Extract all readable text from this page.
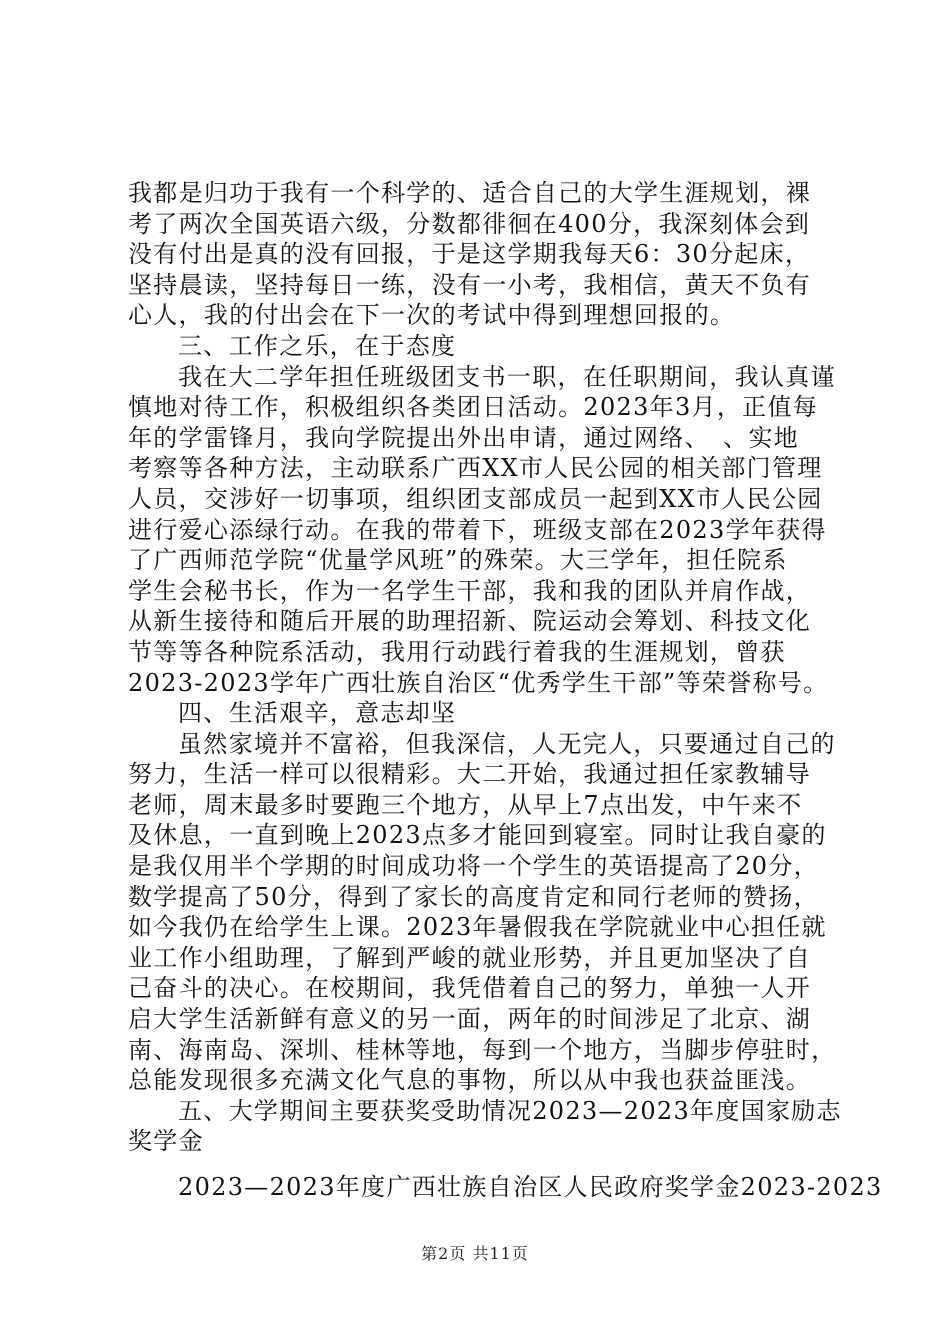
我都是归功于我有一个科学的、适合自己的大学生涯规划，裸
考了两次全国英语六级，分数都徘徊在400分，我深刻体会到
没有付出是真的没有回报，于是这学期我每天6：30分起床，
坚持晨读，坚持每日一练，没有一小考，我相信，黄天不负有
心人，我的付出会在下一次的考试中得到理想回报的。
三、工作之乐，在于态度
我在大二学年担任班级团支书一职，在任职期间，我认真谨
慎地对待工作，积极组织各类团日活动。2023年3月，正值每
年的学雷锋月，我向学院提出外出申请，通过网络、　、实地
考察等各种方法，主动联系广西XX市人民公园的相关部门管理
人员，交涉好一切事项，组织团支部成员一起到XX市人民公园
进行爱心添绿行动。在我的带着下，班级支部在2023学年获得
了广西师范学院“优量学风班”的殊荣。大三学年，担任院系
学生会秘书长，作为一名学生干部，我和我的团队并肩作战，
从新生接待和随后开展的助理招新、院运动会筹划、科技文化
节等等各种院系活动，我用行动践行着我的生涯规划，曾获
2023-2023学年广西壮族自治区“优秀学生干部”等荣誉称号。
四、生活艰辛，意志却坚
虽然家境并不富裕，但我深信，人无完人，只要通过自己的
努力，生活一样可以很精彩。大二开始，我通过担任家教辅导
老师，周末最多时要跑三个地方，从早上7点出发，中午来不
及休息，一直到晚上2023点多才能回到寝室。同时让我自豪的
是我仅用半个学期的时间成功将一个学生的英语提高了20分，
数学提高了50分，得到了家长的高度肯定和同行老师的赞扬，
如今我仍在给学生上课。2023年暑假我在学院就业中心担任就
业工作小组助理，了解到严峻的就业形势，并且更加坚决了自
己奋斗的决心。在校期间，我凭借着自己的努力，单独一人开
启大学生活新鲜有意义的另一面，两年的时间涉足了北京、湖
南、海南岛、深圳、桂林等地，每到一个地方，当脚步停驻时，
总能发现很多充满文化气息的事物，所以从中我也获益匪浅。
五、大学期间主要获奖受助情况2023—2023年度国家励志
奖学金
2023—2023年度广西壮族自治区人民政府奖学金2023-2023
第2页 共11页
